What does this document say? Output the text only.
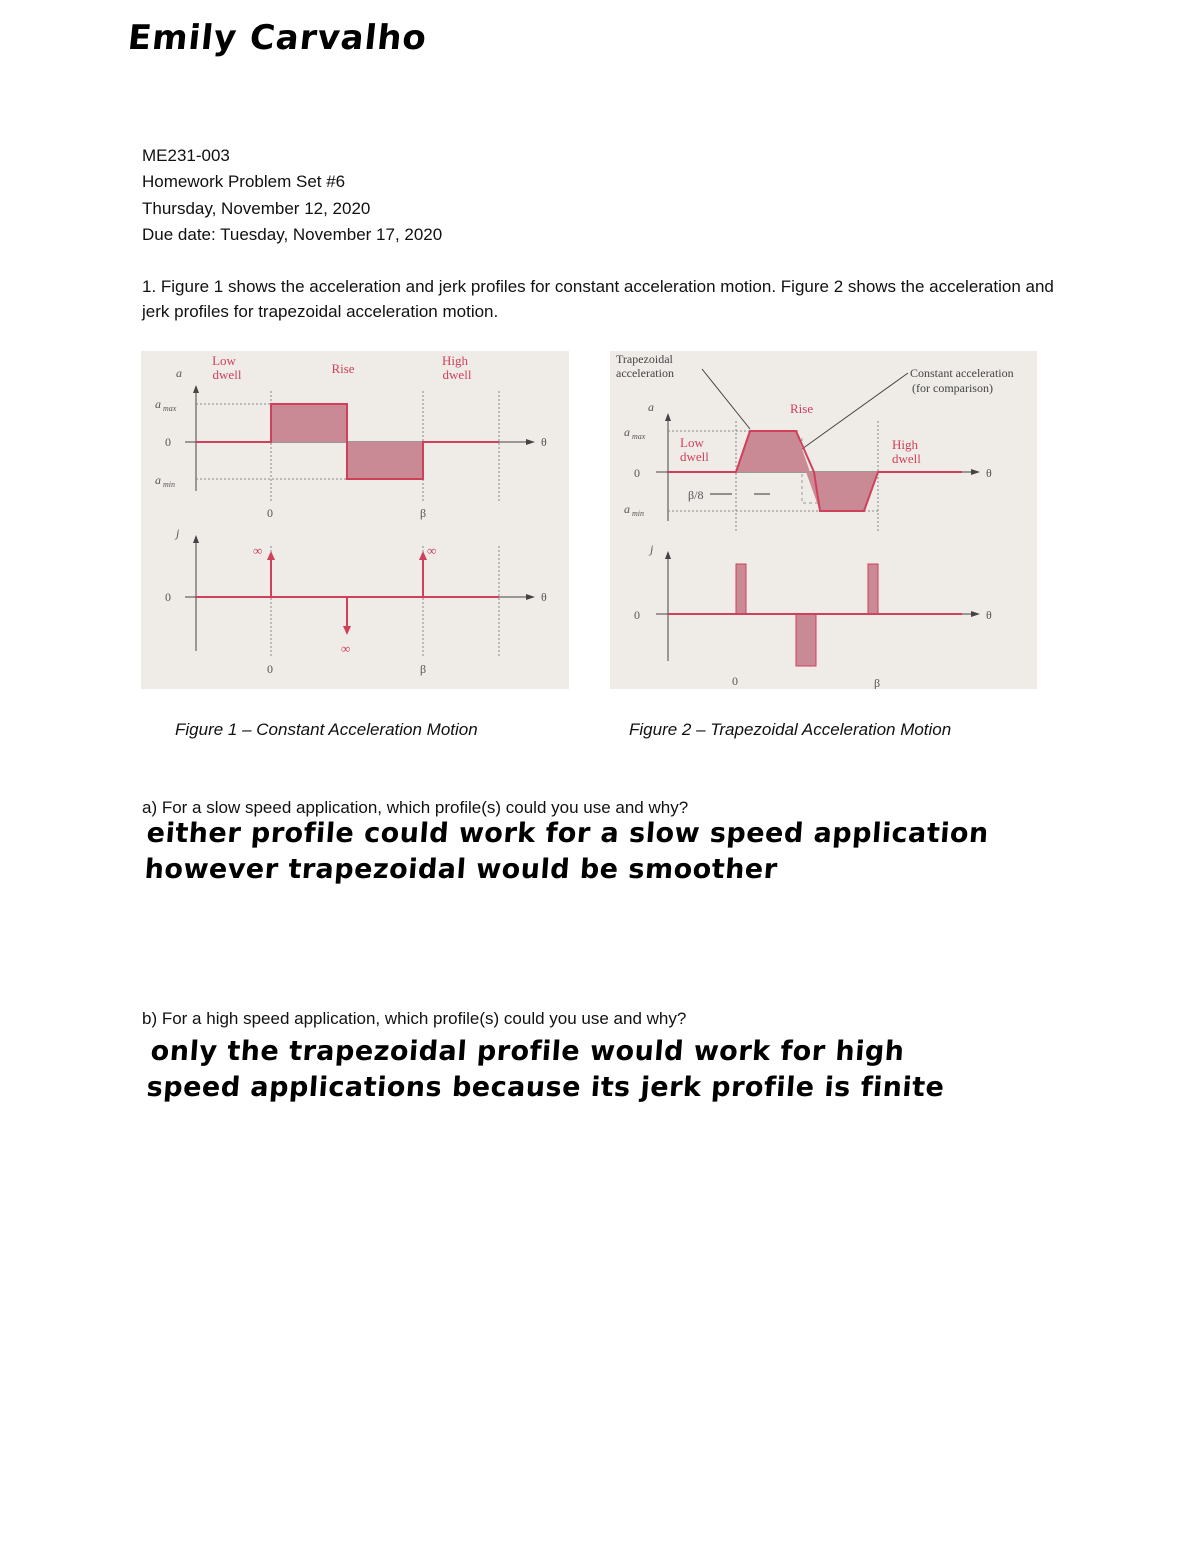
Emily Carvalho
ME231-003
Homework Problem Set #6
Thursday, November 12, 2020
Due date: Tuesday, November 17, 2020
1. Figure 1 shows the acceleration and jerk profiles for constant acceleration motion. Figure 2 shows the acceleration and jerk profiles for trapezoidal acceleration motion.
Low
dwell	Rise
High
dwell
a
a max
0
a min
θ
0	β
j
0	θ
0	β
∞	∞
∞
Trapezoidal
acceleration	Constant acceleration
(for comparison)
a
a max
0
a min
θ
β/8
j
0	θ
0	β
Rise
Low
dwell
High
dwell
Figure 1 – Constant Acceleration Motion	Figure 2 – Trapezoidal Acceleration Motion
a) For a slow speed application, which profile(s) could you use and why?
either profile could work for a slow speed application
however trapezoidal would be smoother
b) For a high speed application, which profile(s) could you use and why?
only the trapezoidal profile would work for high
speed applications because its jerk profile is finite
